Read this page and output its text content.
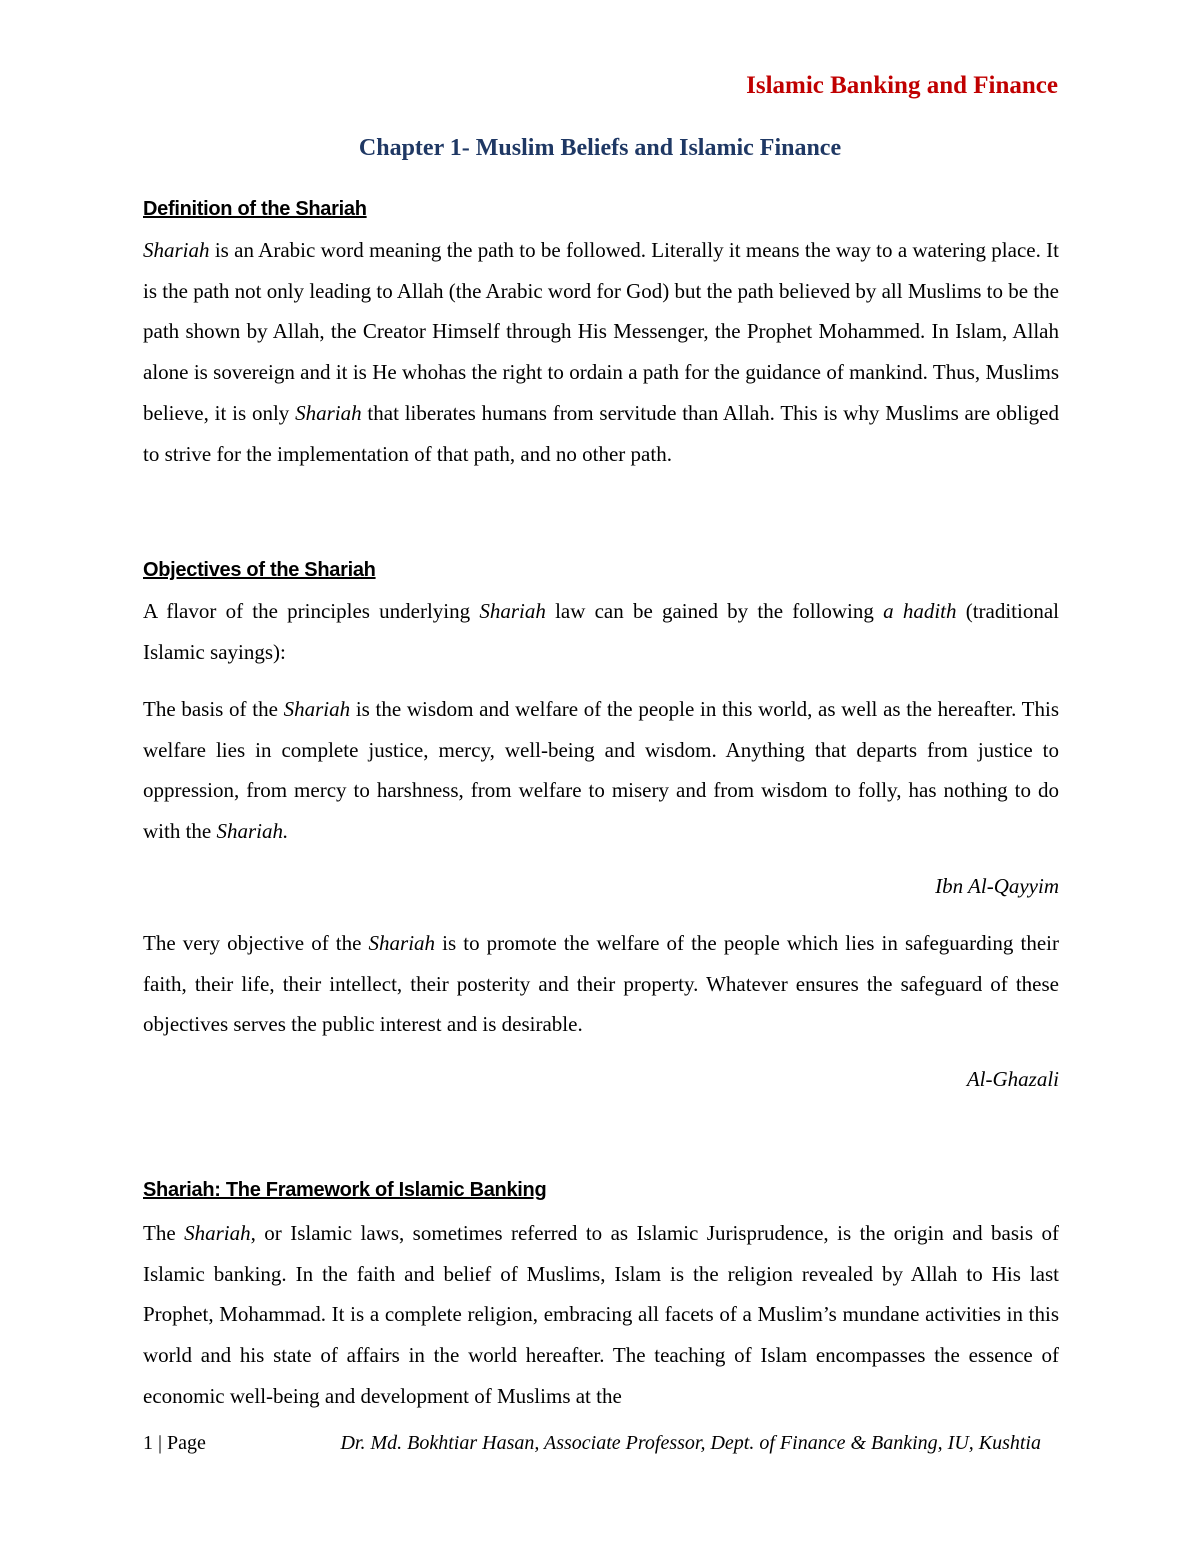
Islamic Banking and Finance
Chapter 1- Muslim Beliefs and Islamic Finance
Definition of the Shariah

Shariah is an Arabic word meaning the path to be followed. Literally it means the way to a watering place. It is the path not only leading to Allah (the Arabic word for God) but the path believed by all Muslims to be the path shown by Allah, the Creator Himself through His Messenger, the Prophet Mohammed. In Islam, Allah alone is sovereign and it is He whohas the right to ordain a path for the guidance of mankind. Thus, Muslims believe, it is only Shariah that liberates humans from servitude than Allah. This is why Muslims are obliged to strive for the implementation of that path, and no other path.

Objectives of the Shariah

A flavor of the principles underlying Shariah law can be gained by the following a hadith (traditional Islamic sayings):

The basis of the Shariah is the wisdom and welfare of the people in this world, as well as the hereafter. This welfare lies in complete justice, mercy, well-being and wisdom. Anything that departs from justice to oppression, from mercy to harshness, from welfare to misery and from wisdom to folly, has nothing to do with the Shariah.

Ibn Al-Qayyim

The very objective of the Shariah is to promote the welfare of the people which lies in safeguarding their faith, their life, their intellect, their posterity and their property. Whatever ensures the safeguard of these objectives serves the public interest and is desirable.

Al-Ghazali
Shariah: The Framework of Islamic Banking

The Shariah, or Islamic laws, sometimes referred to as Islamic Jurisprudence, is the origin and basis of Islamic banking. In the faith and belief of Muslims, Islam is the religion revealed by Allah to His last Prophet, Mohammad. It is a complete religion, embracing all facets of a Muslim’s mundane activities in this world and his state of affairs in the world hereafter. The teaching of Islam encompasses the essence of economic well-being and development of Muslims at the

1 | Page	Dr. Md. Bokhtiar Hasan, Associate Professor, Dept. of Finance & Banking, IU, Kushtia
